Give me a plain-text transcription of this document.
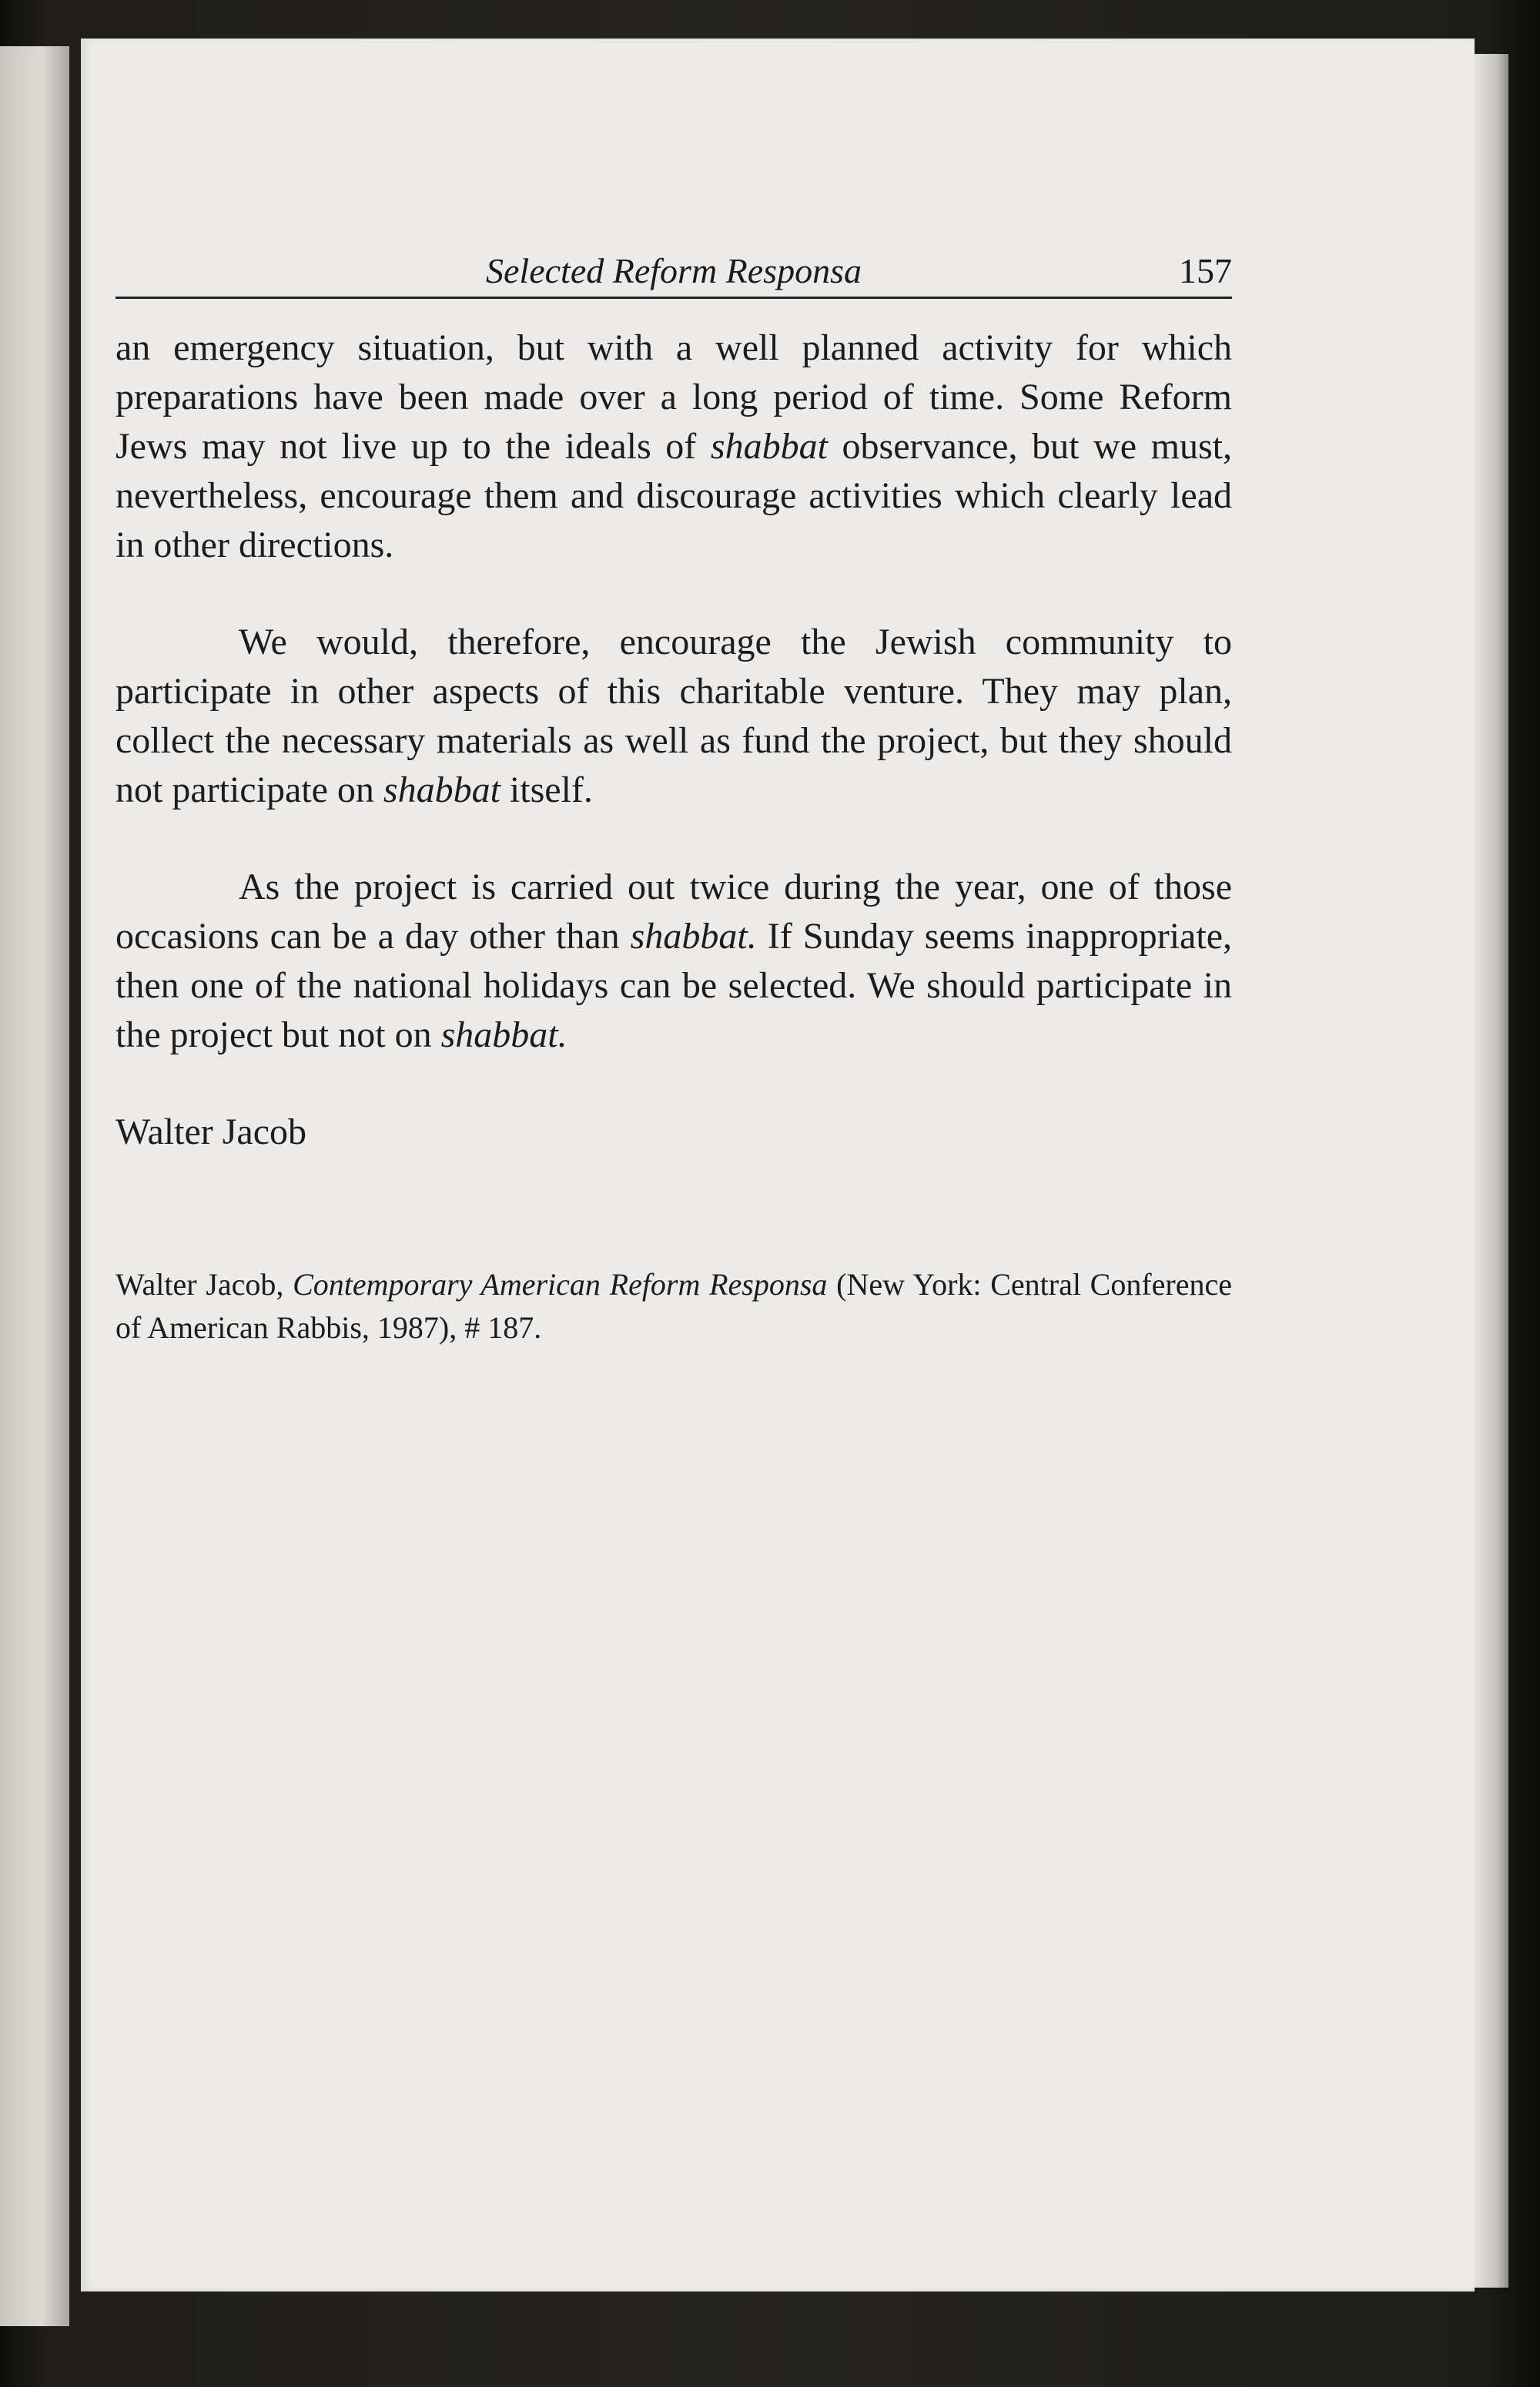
Selected Reform Responsa	157

an emergency situation, but with a well planned activity for which preparations have been made over a long period of time. Some Reform Jews may not live up to the ideals of shabbat observance, but we must, nevertheless, encourage them and discourage activities which clearly lead in other directions.

We would, therefore, encourage the Jewish community to participate in other aspects of this charitable venture. They may plan, collect the necessary materials as well as fund the project, but they should not participate on shabbat itself.

As the project is carried out twice during the year, one of those occasions can be a day other than shabbat. If Sunday seems inappropriate, then one of the national holidays can be selected. We should participate in the project but not on shabbat.

Walter Jacob

Walter Jacob, Contemporary American Reform Responsa (New York: Central Conference of American Rabbis, 1987), # 187.
